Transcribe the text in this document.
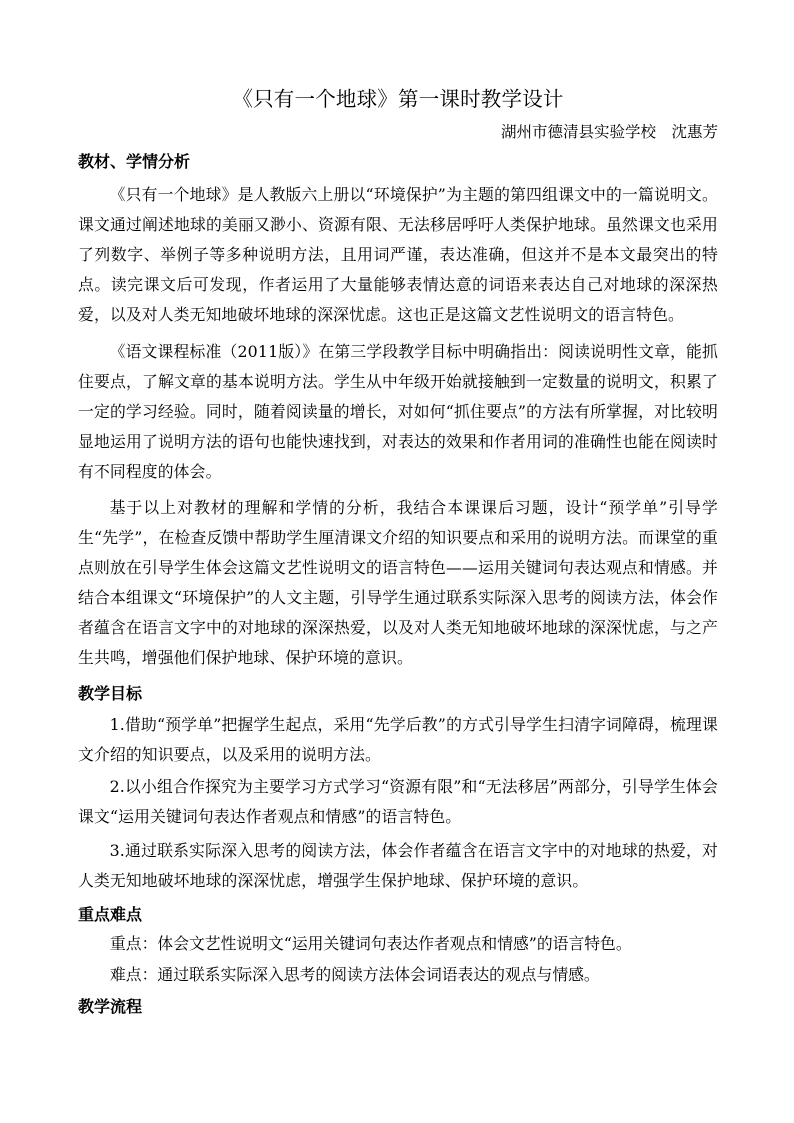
《只有一个地球》第一课时教学设计
湖州市德清县实验学校　沈惠芳
教材、学情分析

《只有一个地球》是人教版六上册以“环境保护”为主题的第四组课文中的一篇说明文。课文通过阐述地球的美丽又渺小、资源有限、无法移居呼吁人类保护地球。虽然课文也采用了列数字、举例子等多种说明方法，且用词严谨，表达准确，但这并不是本文最突出的特点。读完课文后可发现，作者运用了大量能够表情达意的词语来表达自己对地球的深深热爱，以及对人类无知地破坏地球的深深忧虑。这也正是这篇文艺性说明文的语言特色。

《语文课程标准（2011版）》在第三学段教学目标中明确指出：阅读说明性文章，能抓住要点，了解文章的基本说明方法。学生从中年级开始就接触到一定数量的说明文，积累了一定的学习经验。同时，随着阅读量的增长，对如何“抓住要点”的方法有所掌握，对比较明显地运用了说明方法的语句也能快速找到，对表达的效果和作者用词的准确性也能在阅读时有不同程度的体会。

基于以上对教材的理解和学情的分析，我结合本课课后习题，设计“预学单”引导学生“先学”，在检查反馈中帮助学生厘清课文介绍的知识要点和采用的说明方法。而课堂的重点则放在引导学生体会这篇文艺性说明文的语言特色——运用关键词句表达观点和情感。并结合本组课文“环境保护”的人文主题，引导学生通过联系实际深入思考的阅读方法，体会作者蕴含在语言文字中的对地球的深深热爱，以及对人类无知地破坏地球的深深忧虑，与之产生共鸣，增强他们保护地球、保护环境的意识。

教学目标

1.借助“预学单”把握学生起点，采用“先学后教”的方式引导学生扫清字词障碍，梳理课文介绍的知识要点，以及采用的说明方法。

2.以小组合作探究为主要学习方式学习“资源有限”和“无法移居”两部分，引导学生体会课文“运用关键词句表达作者观点和情感”的语言特色。

3.通过联系实际深入思考的阅读方法，体会作者蕴含在语言文字中的对地球的热爱，对人类无知地破坏地球的深深忧虑，增强学生保护地球、保护环境的意识。

重点难点
重点：体会文艺性说明文“运用关键词句表达作者观点和情感”的语言特色。
难点：通过联系实际深入思考的阅读方法体会词语表达的观点与情感。
教学流程
